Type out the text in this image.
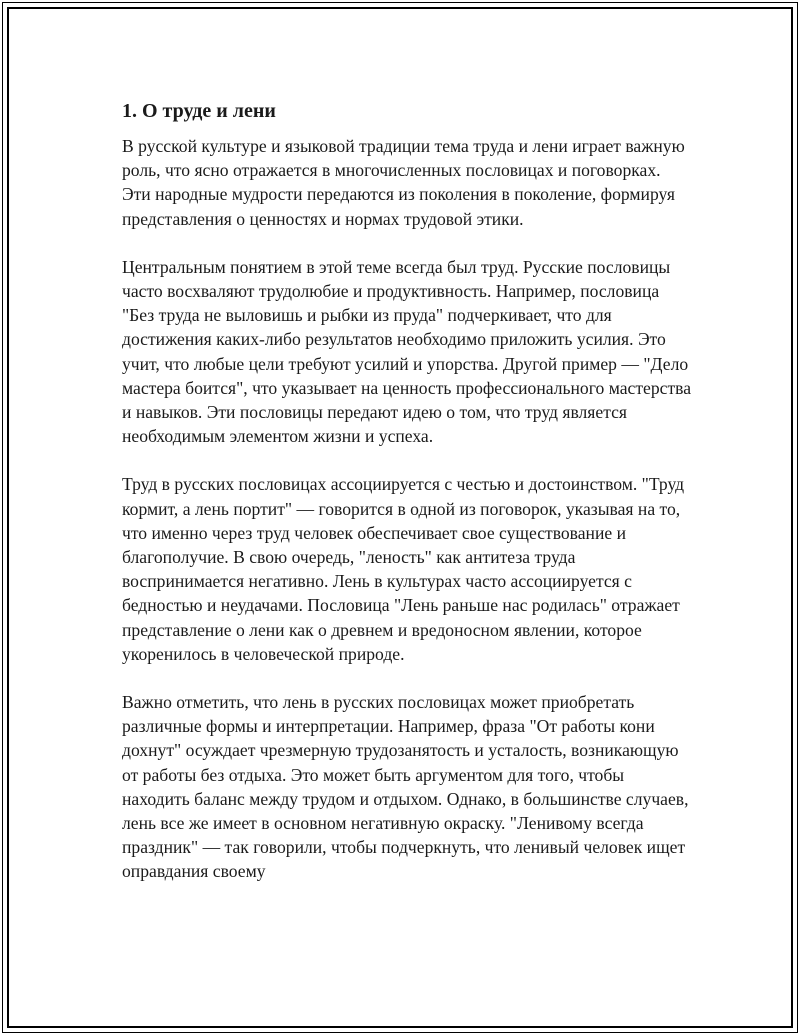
1. О труде и лени

В русской культуре и языковой традиции тема труда и лени играет важную роль, что ясно отражается в многочисленных пословицах и поговорках. Эти народные мудрости передаются из поколения в поколение, формируя представления о ценностях и нормах трудовой этики.

Центральным понятием в этой теме всегда был труд. Русские пословицы часто восхваляют трудолюбие и продуктивность. Например, пословица "Без труда не выловишь и рыбки из пруда" подчеркивает, что для достижения каких-либо результатов необходимо приложить усилия. Это учит, что любые цели требуют усилий и упорства. Другой пример — "Дело мастера боится", что указывает на ценность профессионального мастерства и навыков. Эти пословицы передают идею о том, что труд является необходимым элементом жизни и успеха.

Труд в русских пословицах ассоциируется с честью и достоинством. "Труд кормит, а лень портит" — говорится в одной из поговорок, указывая на то, что именно через труд человек обеспечивает свое существование и благополучие. В свою очередь, "леность" как антитеза труда воспринимается негативно. Лень в культурах часто ассоциируется с бедностью и неудачами. Пословица "Лень раньше нас родилась" отражает представление о лени как о древнем и вредоносном явлении, которое укоренилось в человеческой природе.

Важно отметить, что лень в русских пословицах может приобретать различные формы и интерпретации. Например, фраза "От работы кони дохнут" осуждает чрезмерную трудозанятость и усталость, возникающую от работы без отдыха. Это может быть аргументом для того, чтобы находить баланс между трудом и отдыхом. Однако, в большинстве случаев, лень все же имеет в основном негативную окраску. "Ленивому всегда праздник" — так говорили, чтобы подчеркнуть, что ленивый человек ищет оправдания своему
